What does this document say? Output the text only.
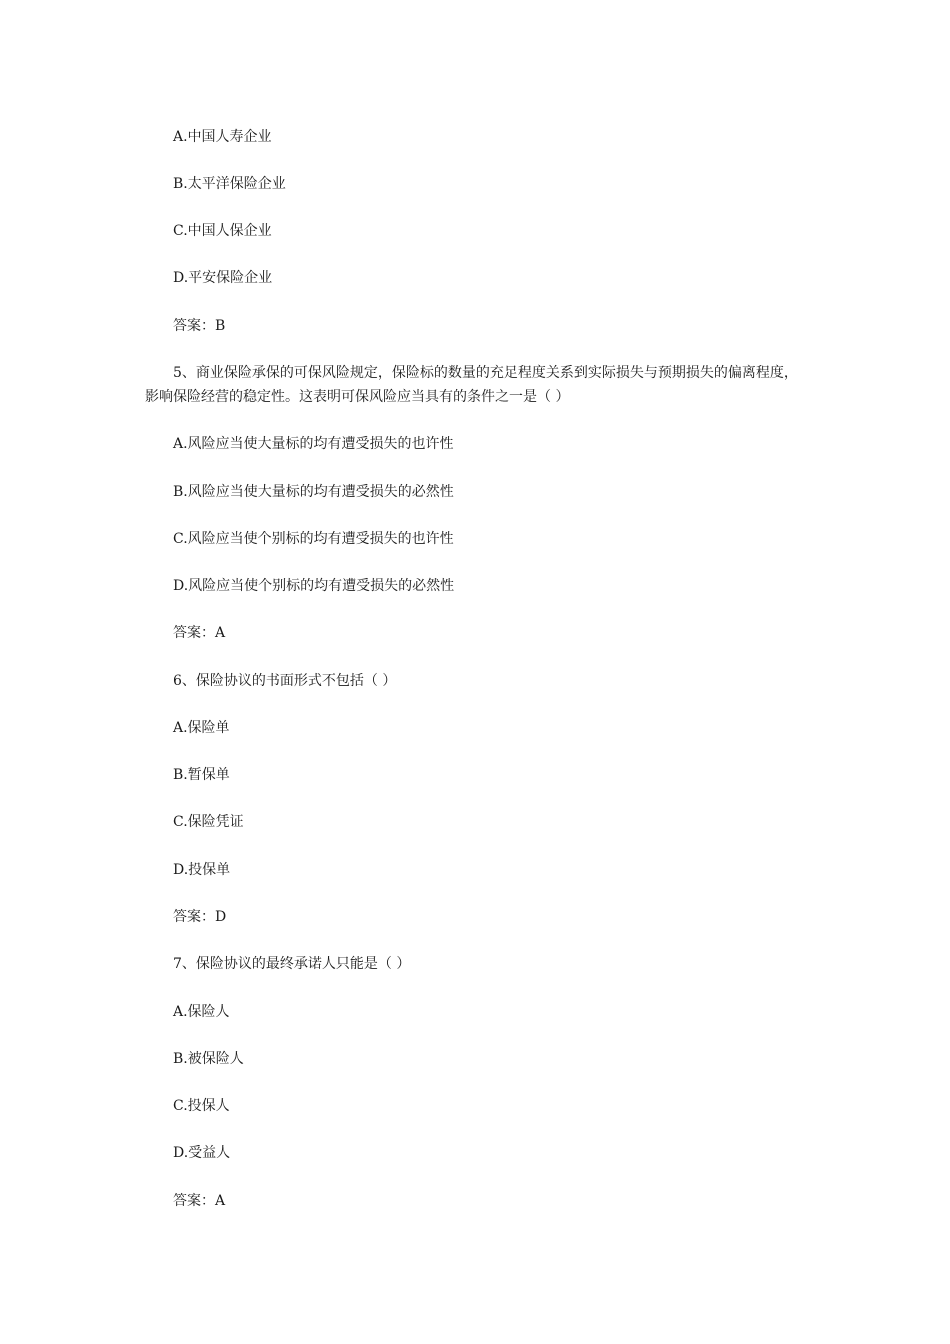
A.中国人寿企业
B.太平洋保险企业
C.中国人保企业
D.平安保险企业
答案：B
5、商业保险承保的可保风险规定，保险标的数量的充足程度关系到实际损失与预期损失的偏离程度，
影响保险经营的稳定性。这表明可保风险应当具有的条件之一是（ ）
A.风险应当使大量标的均有遭受损失的也许性
B.风险应当使大量标的均有遭受损失的必然性
C.风险应当使个别标的均有遭受损失的也许性
D.风险应当使个别标的均有遭受损失的必然性
答案：A
6、保险协议的书面形式不包括（ ）
A.保险单
B.暂保单
C.保险凭证
D.投保单
答案：D
7、保险协议的最终承诺人只能是（ ）
A.保险人
B.被保险人
C.投保人
D.受益人
答案：A
